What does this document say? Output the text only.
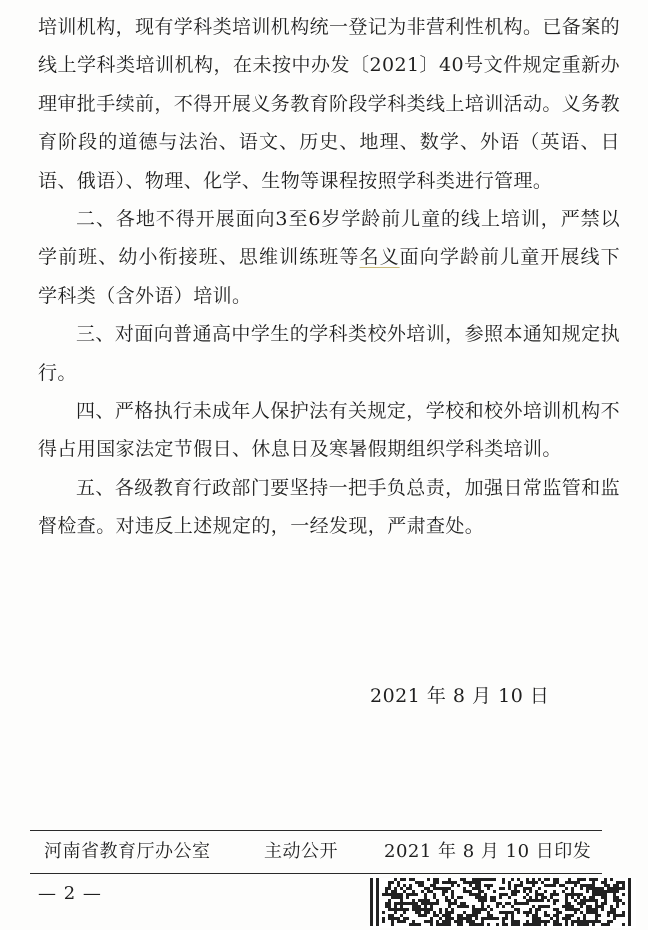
培训机构，现有学科类培训机构统一登记为非营利性机构。已备案的线上学科类培训机构，在未按中办发〔2021〕40号文件规定重新办理审批手续前，不得开展义务教育阶段学科类线上培训活动。义务教育阶段的道德与法治、语文、历史、地理、数学、外语（英语、日语、俄语）、物理、化学、生物等课程按照学科类进行管理。

二、各地不得开展面向3至6岁学龄前儿童的线上培训，严禁以学前班、幼小衔接班、思维训练班等名义面向学龄前儿童开展线下学科类（含外语）培训。

三、对面向普通高中学生的学科类校外培训，参照本通知规定执行。

四、严格执行未成年人保护法有关规定，学校和校外培训机构不得占用国家法定节假日、休息日及寒暑假期组织学科类培训。

五、各级教育行政部门要坚持一把手负总责，加强日常监管和监督检查。对违反上述规定的，一经发现，严肃查处。

2021 年 8 月 10 日
河南省教育厅办公室	主动公开	2021 年 8 月 10 日印发
— 2 —
